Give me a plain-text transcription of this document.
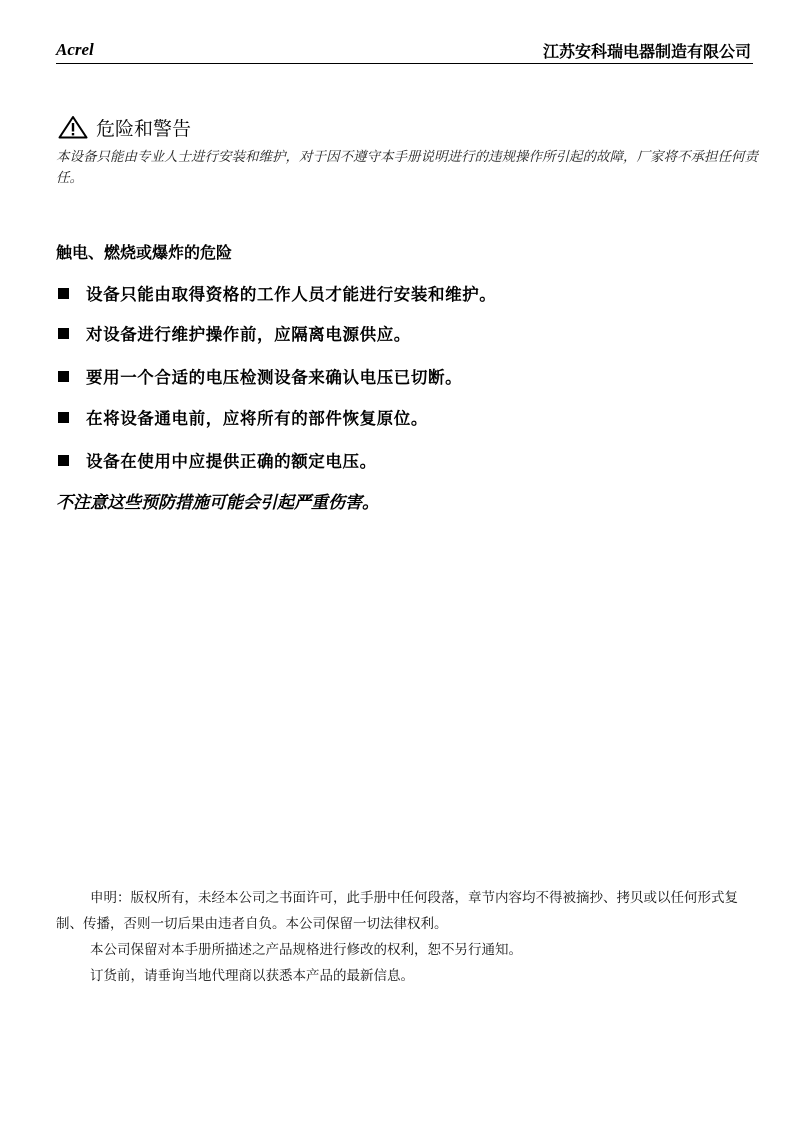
Acrel	江苏安科瑞电器制造有限公司
危险和警告

本设备只能由专业人士进行安装和维护，对于因不遵守本手册说明进行的违规操作所引起的故障，厂家将不承担任何责任。

触电、燃烧或爆炸的危险
设备只能由取得资格的工作人员才能进行安装和维护。
对设备进行维护操作前，应隔离电源供应。
要用一个合适的电压检测设备来确认电压已切断。
在将设备通电前，应将所有的部件恢复原位。
设备在使用中应提供正确的额定电压。
不注意这些预防措施可能会引起严重伤害。

申明：版权所有，未经本公司之书面许可，此手册中任何段落，章节内容均不得被摘抄、拷贝或以任何形式复制、传播，否则一切后果由违者自负。本公司保留一切法律权利。

本公司保留对本手册所描述之产品规格进行修改的权利，恕不另行通知。

订货前，请垂询当地代理商以获悉本产品的最新信息。
